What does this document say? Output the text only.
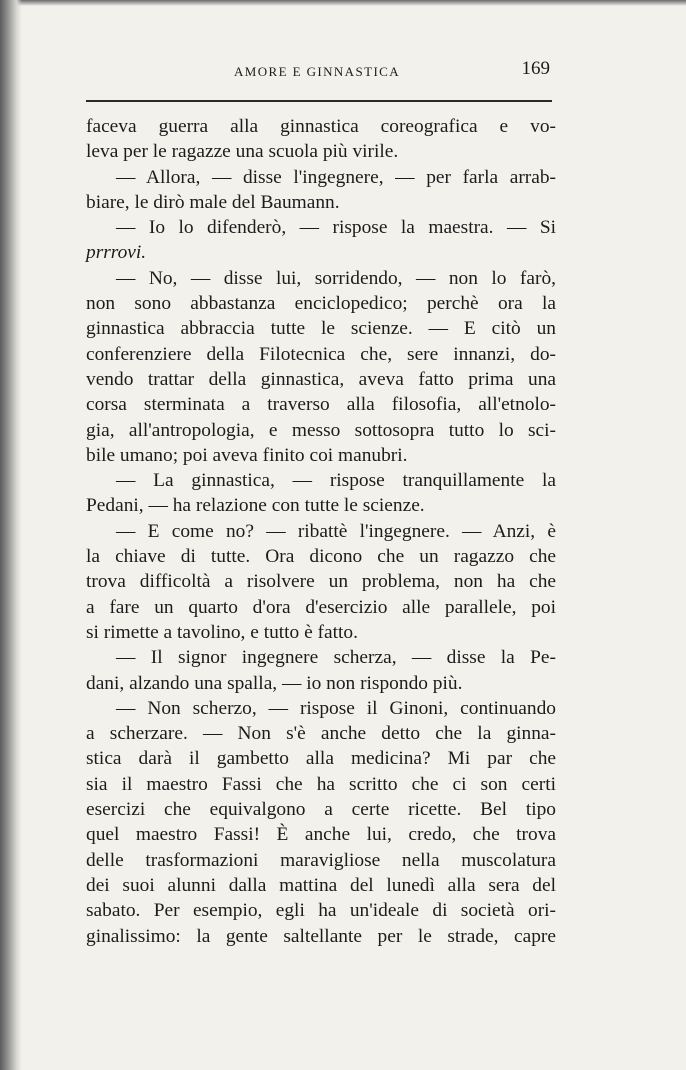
AMORE E GINNASTICA	169
faceva guerra alla ginnastica coreografica e vo-
leva per le ragazze una scuola più virile.
— Allora, — disse l'ingegnere, — per farla arrab-
biare, le dirò male del Baumann.
— Io lo difenderò, — rispose la maestra. — Si
prrrovi.
— No, — disse lui, sorridendo, — non lo farò,
non sono abbastanza enciclopedico; perchè ora la
ginnastica abbraccia tutte le scienze. — E citò un
conferenziere della Filotecnica che, sere innanzi, do-
vendo trattar della ginnastica, aveva fatto prima una
corsa sterminata a traverso alla filosofia, all'etnolo-
gia, all'antropologia, e messo sottosopra tutto lo sci-
bile umano; poi aveva finito coi manubri.
— La ginnastica, — rispose tranquillamente la
Pedani, — ha relazione con tutte le scienze.
— E come no? — ribattè l'ingegnere. — Anzi, è
la chiave di tutte. Ora dicono che un ragazzo che
trova difficoltà a risolvere un problema, non ha che
a fare un quarto d'ora d'esercizio alle parallele, poi
si rimette a tavolino, e tutto è fatto.
— Il signor ingegnere scherza, — disse la Pe-
dani, alzando una spalla, — io non rispondo più.
— Non scherzo, — rispose il Ginoni, continuando
a scherzare. — Non s'è anche detto che la ginna-
stica darà il gambetto alla medicina? Mi par che
sia il maestro Fassi che ha scritto che ci son certi
esercizi che equivalgono a certe ricette. Bel tipo
quel maestro Fassi! È anche lui, credo, che trova
delle trasformazioni maravigliose nella muscolatura
dei suoi alunni dalla mattina del lunedì alla sera del
sabato. Per esempio, egli ha un'ideale di società ori-
ginalissimo: la gente saltellante per le strade, capre
